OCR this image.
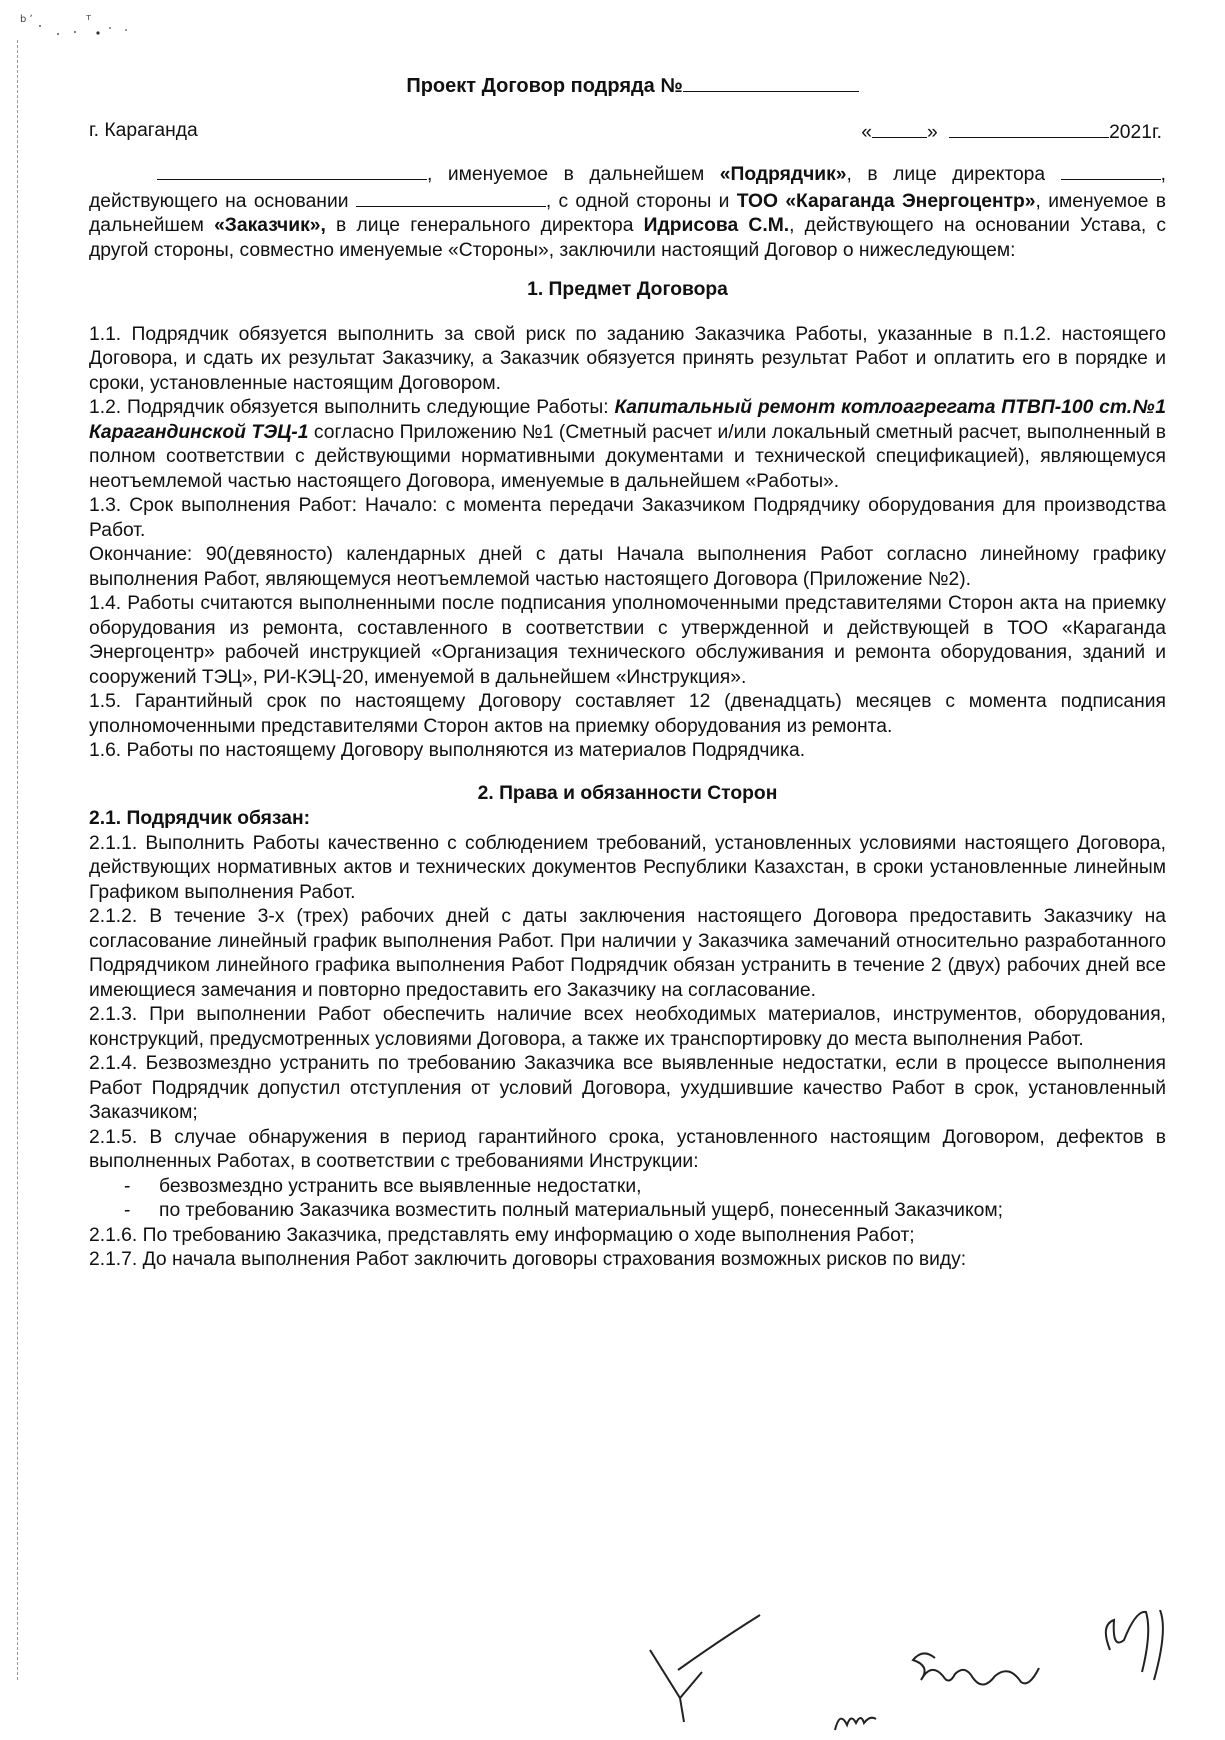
b ʼ	т
Проект Договор подряда №
г. Караганда	«	»	2021г.

, именуемое в дальнейшем «Подрядчик», в лице директора	, действующего на основании	, с одной стороны и ТОО «Караганда Энергоцентр», именуемое в дальнейшем «Заказчик», в лице генерального директора Идрисова С.М., действующего на основании Устава, с другой стороны, совместно именуемые «Стороны», заключили настоящий Договор о нижеследующем:

1. Предмет Договора

1.1. Подрядчик обязуется выполнить за свой риск по заданию Заказчика Работы, указанные в п.1.2. настоящего Договора, и сдать их результат Заказчику, а Заказчик обязуется принять результат Работ и оплатить его в порядке и сроки, установленные настоящим Договором.

1.2. Подрядчик обязуется выполнить следующие Работы: Капитальный ремонт котлоагрегата ПТВП-100 ст.№1 Карагандинской ТЭЦ-1 согласно Приложению №1 (Сметный расчет и/или локальный сметный расчет, выполненный в полном соответствии с действующими нормативными документами и технической спецификацией), являющемуся неотъемлемой частью настоящего Договора, именуемые в дальнейшем «Работы».

1.3. Срок выполнения Работ: Начало: с момента передачи Заказчиком Подрядчику оборудования для производства Работ.

Окончание: 90(девяносто) календарных дней с даты Начала выполнения Работ согласно линейному графику выполнения Работ, являющемуся неотъемлемой частью настоящего Договора (Приложение №2).

1.4. Работы считаются выполненными после подписания уполномоченными представителями Сторон акта на приемку оборудования из ремонта, составленного в соответствии с утвержденной и действующей в ТОО «Караганда Энергоцентр» рабочей инструкцией «Организация технического обслуживания и ремонта оборудования, зданий и сооружений ТЭЦ», РИ-КЭЦ-20, именуемой в дальнейшем «Инструкция».

1.5. Гарантийный срок по настоящему Договору составляет 12 (двенадцать) месяцев с момента подписания уполномоченными представителями Сторон актов на приемку оборудования из ремонта.

1.6. Работы по настоящему Договору выполняются из материалов Подрядчика.

2. Права и обязанности Сторон
2.1. Подрядчик обязан:

2.1.1. Выполнить Работы качественно с соблюдением требований, установленных условиями настоящего Договора, действующих нормативных актов и технических документов Республики Казахстан, в сроки установленные линейным Графиком выполнения Работ.

2.1.2. В течение 3-х (трех) рабочих дней с даты заключения настоящего Договора предоставить Заказчику на согласование линейный график выполнения Работ. При наличии у Заказчика замечаний относительно разработанного Подрядчиком линейного графика выполнения Работ Подрядчик обязан устранить в течение 2 (двух) рабочих дней все имеющиеся замечания и повторно предоставить его Заказчику на согласование.

2.1.3. При выполнении Работ обеспечить наличие всех необходимых материалов, инструментов, оборудования, конструкций, предусмотренных условиями Договора, а также их транспортировку до места выполнения Работ.

2.1.4. Безвозмездно устранить по требованию Заказчика все выявленные недостатки, если в процессе выполнения Работ Подрядчик допустил отступления от условий Договора, ухудшившие качество Работ в срок, установленный Заказчиком;

2.1.5. В случае обнаружения в период гарантийного срока, установленного настоящим Договором, дефектов в выполненных Работах, в соответствии с требованиями Инструкции:

-	безвозмездно устранить все выявленные недостатки,
-	по требованию Заказчика возместить полный материальный ущерб, понесенный Заказчиком;

2.1.6. По требованию Заказчика, представлять ему информацию о ходе выполнения Работ;

2.1.7. До начала выполнения Работ заключить договоры страхования возможных рисков по виду:
